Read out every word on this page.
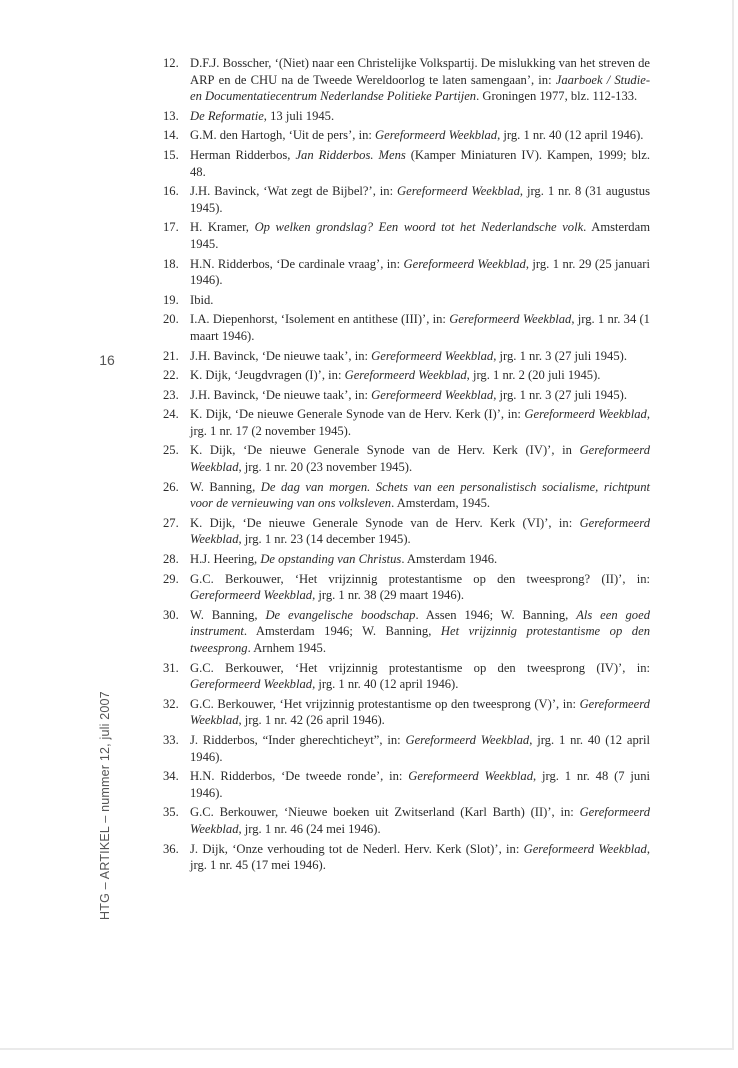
16
HTG – ARTIKEL – nummer 12, juli 2007
12. D.F.J. Bosscher, ‘(Niet) naar een Christelijke Volkspartij. De mislukking van het streven de ARP en de CHU na de Tweede Wereldoorlog te laten samengaan’, in: Jaarboek / Studie- en Documentatiecentrum Nederlandse Politieke Partijen. Groningen 1977, blz. 112-133.
13. De Reformatie, 13 juli 1945.
14. G.M. den Hartogh, ‘Uit de pers’, in: Gereformeerd Weekblad, jrg. 1 nr. 40 (12 april 1946).
15. Herman Ridderbos, Jan Ridderbos. Mens (Kamper Miniaturen IV). Kampen, 1999; blz. 48.
16. J.H. Bavinck, ‘Wat zegt de Bijbel?’, in: Gereformeerd Weekblad, jrg. 1 nr. 8 (31 augustus 1945).
17. H. Kramer, Op welken grondslag? Een woord tot het Nederlandsche volk. Amsterdam 1945.
18. H.N. Ridderbos, ‘De cardinale vraag’, in: Gereformeerd Weekblad, jrg. 1 nr. 29 (25 januari 1946).
19. Ibid.
20. I.A. Diepenhorst, ‘Isolement en antithese (III)’, in: Gereformeerd Weekblad, jrg. 1 nr. 34 (1 maart 1946).
21. J.H. Bavinck, ‘De nieuwe taak’, in: Gereformeerd Weekblad, jrg. 1 nr. 3 (27 juli 1945).
22. K. Dijk, ‘Jeugdvragen (I)’, in: Gereformeerd Weekblad, jrg. 1 nr. 2 (20 juli 1945).
23. J.H. Bavinck, ‘De nieuwe taak’, in: Gereformeerd Weekblad, jrg. 1 nr. 3 (27 juli 1945).
24. K. Dijk, ‘De nieuwe Generale Synode van de Herv. Kerk (I)’, in: Gereformeerd Weekblad, jrg. 1 nr. 17 (2 november 1945).
25. K. Dijk, ‘De nieuwe Generale Synode van de Herv. Kerk (IV)’, in Gereformeerd Weekblad, jrg. 1 nr. 20 (23 november 1945).
26. W. Banning, De dag van morgen. Schets van een personalistisch socialisme, richtpunt voor de vernieuwing van ons volksleven. Amsterdam, 1945.
27. K. Dijk, ‘De nieuwe Generale Synode van de Herv. Kerk (VI)’, in: Gereformeerd Weekblad, jrg. 1 nr. 23 (14 december 1945).
28. H.J. Heering, De opstanding van Christus. Amsterdam 1946.
29. G.C. Berkouwer, ‘Het vrijzinnig protestantisme op den tweesprong? (II)’, in: Gereformeerd Weekblad, jrg. 1 nr. 38 (29 maart 1946).
30. W. Banning, De evangelische boodschap. Assen 1946; W. Banning, Als een goed instrument. Amsterdam 1946; W. Banning, Het vrijzinnig protestantisme op den tweesprong. Arnhem 1945.
31. G.C. Berkouwer, ‘Het vrijzinnig protestantisme op den tweesprong (IV)’, in: Gereformeerd Weekblad, jrg. 1 nr. 40 (12 april 1946).
32. G.C. Berkouwer, ‘Het vrijzinnig protestantisme op den tweesprong (V)’, in: Gereformeerd Weekblad, jrg. 1 nr. 42 (26 april 1946).
33. J. Ridderbos, “Inder gherechticheyt”, in: Gereformeerd Weekblad, jrg. 1 nr. 40 (12 april 1946).
34. H.N. Ridderbos, ‘De tweede ronde’, in: Gereformeerd Weekblad, jrg. 1 nr. 48 (7 juni 1946).
35. G.C. Berkouwer, ‘Nieuwe boeken uit Zwitserland (Karl Barth) (II)’, in: Gereformeerd Weekblad, jrg. 1 nr. 46 (24 mei 1946).
36. J. Dijk, ‘Onze verhouding tot de Nederl. Herv. Kerk (Slot)’, in: Gereformeerd Weekblad, jrg. 1 nr. 45 (17 mei 1946).
